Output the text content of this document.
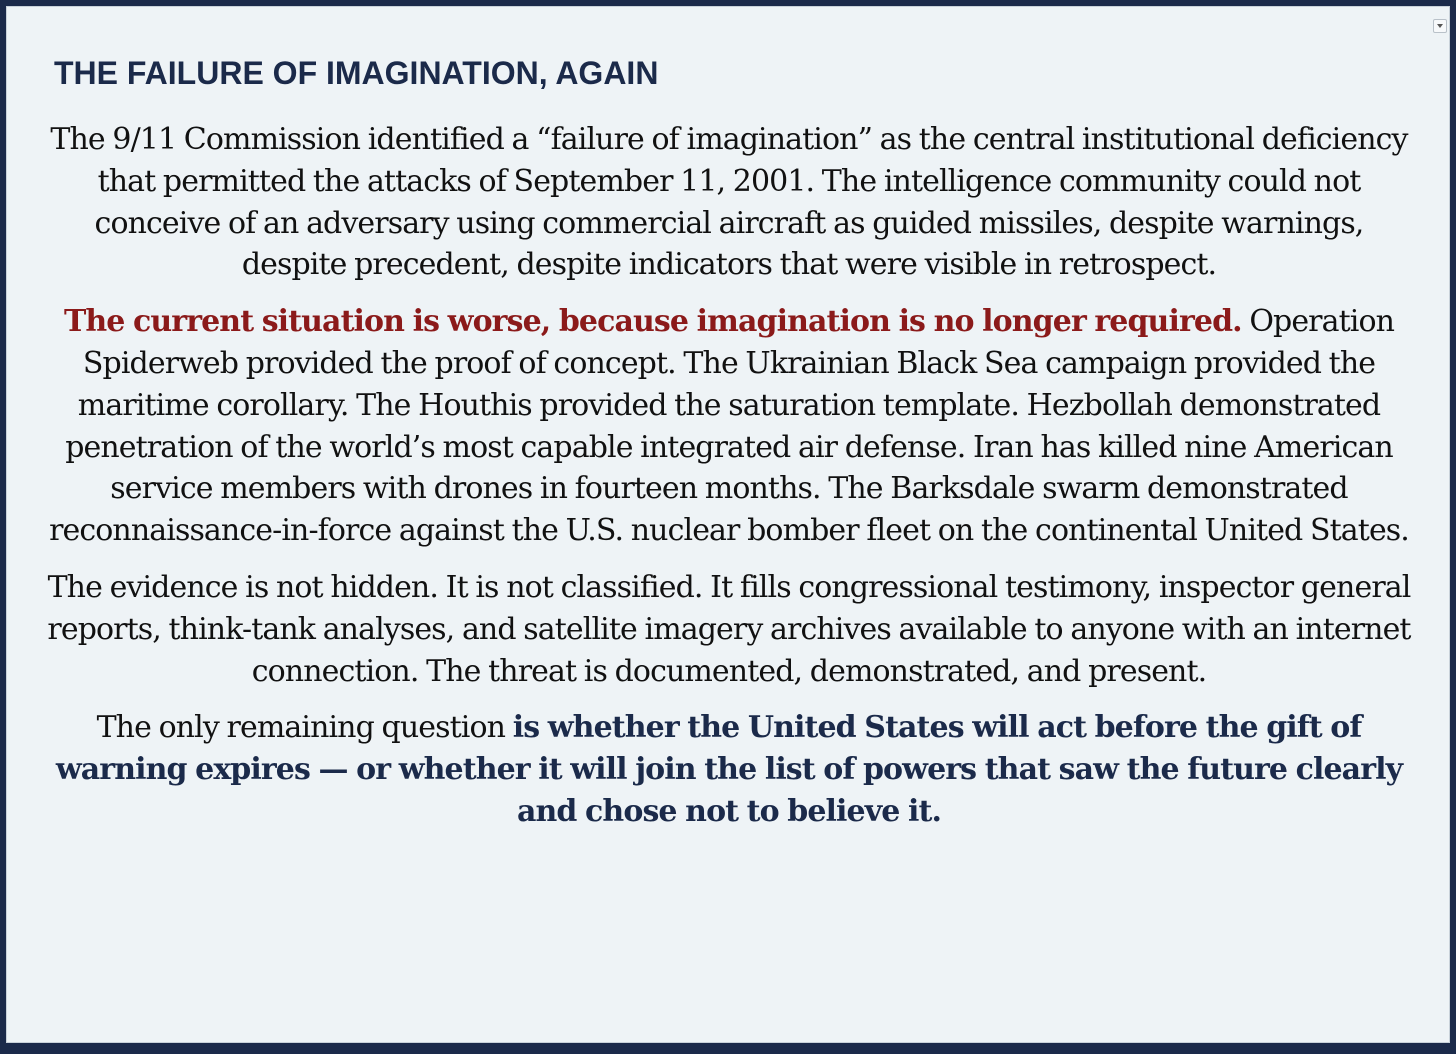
THE FAILURE OF IMAGINATION, AGAIN

The 9/11 Commission identified a “failure of imagination” as the central institutional deficiency that permitted the attacks of September 11, 2001. The intelligence community could not conceive of an adversary using commercial aircraft as guided missiles, despite warnings, despite precedent, despite indicators that were visible in retrospect.

The current situation is worse, because imagination is no longer required. Operation Spiderweb provided the proof of concept. The Ukrainian Black Sea campaign provided the maritime corollary. The Houthis provided the saturation template. Hezbollah demonstrated penetration of the world’s most capable integrated air defense. Iran has killed nine American service members with drones in fourteen months. The Barksdale swarm demonstrated reconnaissance-in-force against the U.S. nuclear bomber fleet on the continental United States.

The evidence is not hidden. It is not classified. It fills congressional testimony, inspector general reports, think-tank analyses, and satellite imagery archives available to anyone with an internet connection. The threat is documented, demonstrated, and present.

The only remaining question is whether the United States will act before the gift of warning expires — or whether it will join the list of powers that saw the future clearly and chose not to believe it.
